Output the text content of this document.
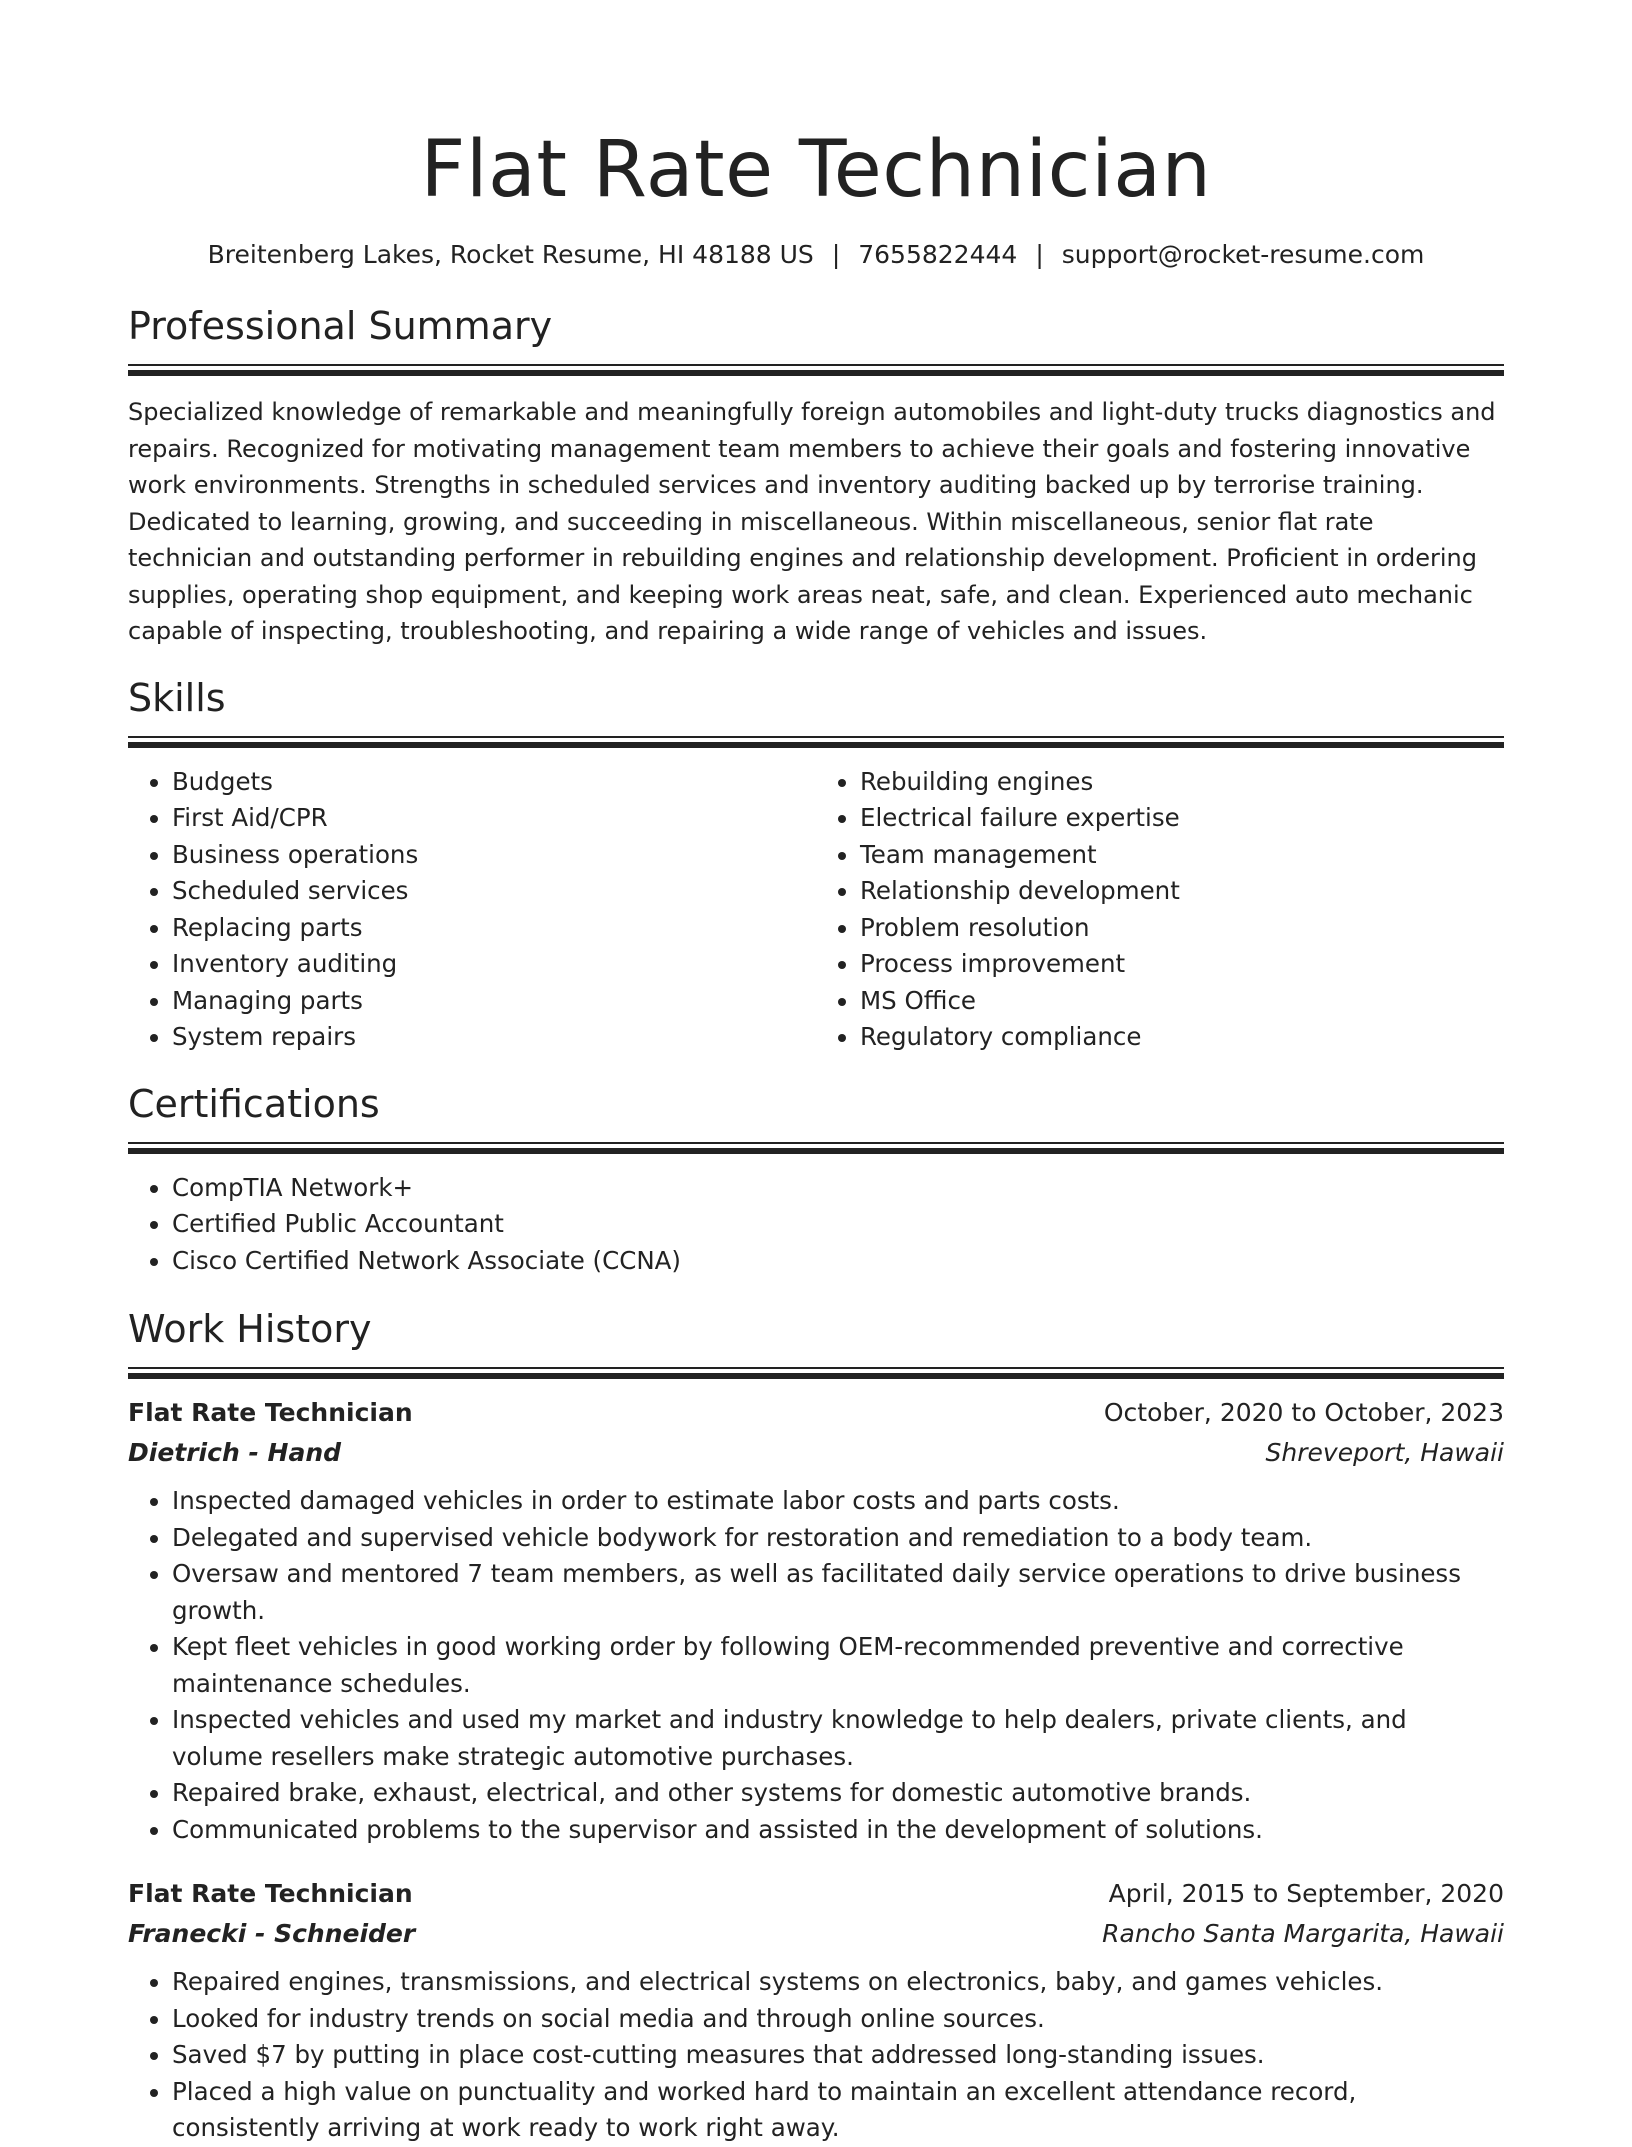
Flat Rate Technician
Breitenberg Lakes, Rocket Resume, HI 48188 US | 7655822444 | support@rocket-resume.com
Professional Summary

Specialized knowledge of remarkable and meaningfully foreign automobiles and light-duty trucks diagnostics and repairs. Recognized for motivating management team members to achieve their goals and fostering innovative work environments. Strengths in scheduled services and inventory auditing backed up by terrorise training. Dedicated to learning, growing, and succeeding in miscellaneous. Within miscellaneous, senior flat rate technician and outstanding performer in rebuilding engines and relationship development. Proficient in ordering supplies, operating shop equipment, and keeping work areas neat, safe, and clean. Experienced auto mechanic capable of inspecting, troubleshooting, and repairing a wide range of vehicles and issues.

Skills
• Budgets
• First Aid/CPR
• Business operations
• Scheduled services
• Replacing parts
• Inventory auditing
• Managing parts
• System repairs
• Rebuilding engines
• Electrical failure expertise
• Team management
• Relationship development
• Problem resolution
• Process improvement
• MS Office
• Regulatory compliance
Certifications
• CompTIA Network+
• Certified Public Accountant
• Cisco Certified Network Associate (CCNA)
Work History
Flat Rate Technician	October, 2020 to October, 2023
Dietrich - Hand	Shreveport, Hawaii
• Inspected damaged vehicles in order to estimate labor costs and parts costs.
• Delegated and supervised vehicle bodywork for restoration and remediation to a body team.
• Oversaw and mentored 7 team members, as well as facilitated daily service operations to drive business growth.
• Kept fleet vehicles in good working order by following OEM-recommended preventive and corrective maintenance schedules.
• Inspected vehicles and used my market and industry knowledge to help dealers, private clients, and volume resellers make strategic automotive purchases.
• Repaired brake, exhaust, electrical, and other systems for domestic automotive brands.
• Communicated problems to the supervisor and assisted in the development of solutions.
Flat Rate Technician	April, 2015 to September, 2020
Franecki - Schneider	Rancho Santa Margarita, Hawaii
• Repaired engines, transmissions, and electrical systems on electronics, baby, and games vehicles.
• Looked for industry trends on social media and through online sources.
• Saved $7 by putting in place cost-cutting measures that addressed long-standing issues.
• Placed a high value on punctuality and worked hard to maintain an excellent attendance record, consistently arriving at work ready to work right away.
